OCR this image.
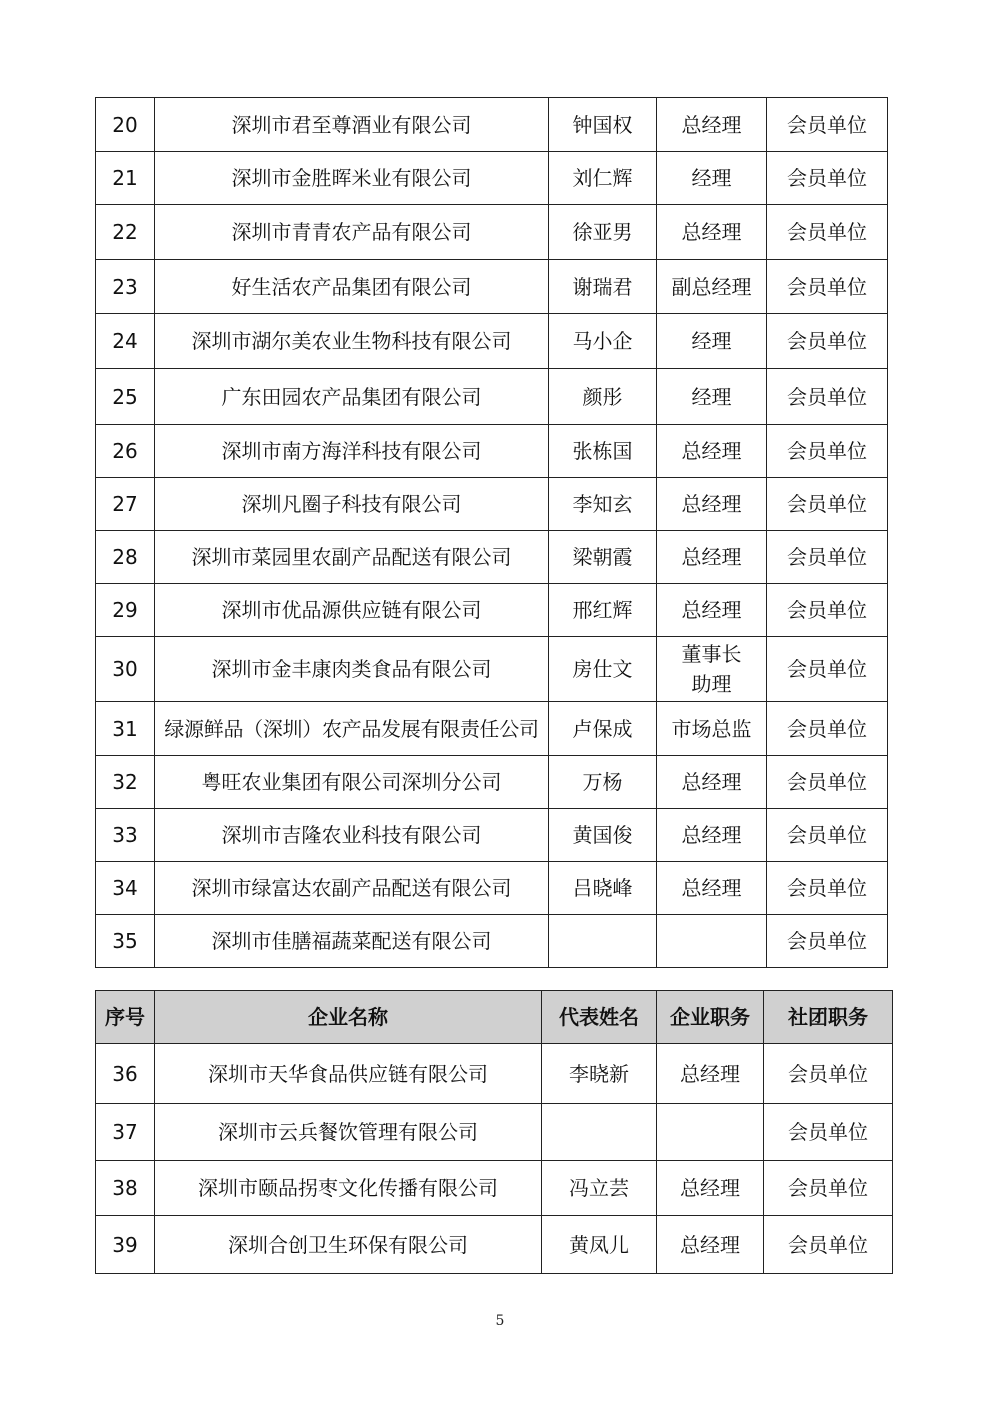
20	深圳市君至尊酒业有限公司	钟国权	总经理	会员单位
21	深圳市金胜晖米业有限公司	刘仁辉	经理	会员单位
22	深圳市青青农产品有限公司	徐亚男	总经理	会员单位
23	好生活农产品集团有限公司	谢瑞君	副总经理	会员单位
24	深圳市湖尔美农业生物科技有限公司	马小企	经理	会员单位
25	广东田园农产品集团有限公司	颜彤	经理	会员单位
26	深圳市南方海洋科技有限公司	张栋国	总经理	会员单位
27	深圳凡圈子科技有限公司	李知玄	总经理	会员单位
28	深圳市菜园里农副产品配送有限公司	梁朝霞	总经理	会员单位
29	深圳市优品源供应链有限公司	邢红辉	总经理	会员单位
30	深圳市金丰康肉类食品有限公司	房仕文	董事长助理	会员单位
31	绿源鲜品（深圳）农产品发展有限责任公司	卢保成	市场总监	会员单位
32	粤旺农业集团有限公司深圳分公司	万杨	总经理	会员单位
33	深圳市吉隆农业科技有限公司	黄国俊	总经理	会员单位
34	深圳市绿富达农副产品配送有限公司	吕晓峰	总经理	会员单位
35	深圳市佳膳福蔬菜配送有限公司			会员单位
序号	企业名称	代表姓名	企业职务	社团职务
36	深圳市天华食品供应链有限公司	李晓新	总经理	会员单位
37	深圳市云兵餐饮管理有限公司			会员单位
38	深圳市颐品拐枣文化传播有限公司	冯立芸	总经理	会员单位
39	深圳合创卫生环保有限公司	黄凤儿	总经理	会员单位
5
